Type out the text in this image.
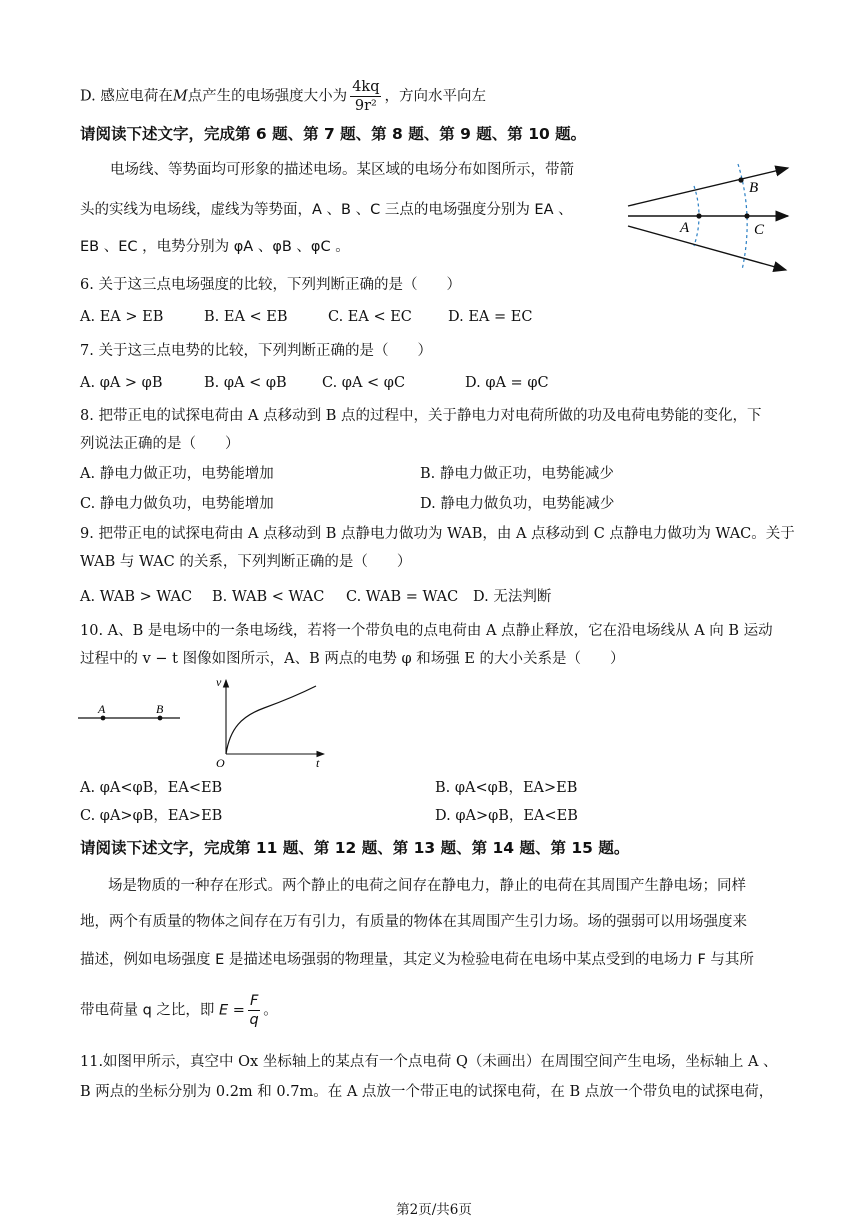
D. 感应电荷在M点产生的电场强度大小为 $\frac{4kq}{\text{9r²}}$ ，方向水平向左
请阅读下述文字，完成第 6 题、第 7 题、第 8 题、第 9 题、第 10 题。
电场线、等势面均可形象的描述电场。某区域的电场分布如图所示，带箭
头的实线为电场线，虚线为等势面，A 、B 、C 三点的电场强度分别为 EA 、
EB 、EC ，电势分别为 φA 、φB 、φC 。
A
B
C
6. 关于这三点电场强度的比较，下列判断正确的是（　　）
A. EA > EB	B. EA < EB	C. EA < EC D. EA = EC
7. 关于这三点电势的比较，下列判断正确的是（　　）
A. φA > φB	B. φA < φB C. φA < φC	D. φA = φC
8. 把带正电的试探电荷由 A 点移动到 B 点的过程中，关于静电力对电荷所做的功及电荷电势能的变化，下
列说法正确的是（　　）
A. 静电力做正功，电势能增加	B. 静电力做正功，电势能减少
C. 静电力做负功，电势能增加	D. 静电力做负功，电势能减少
9. 把带正电的试探电荷由 A 点移动到 B 点静电力做功为 WAB，由 A 点移动到 C 点静电力做功为 WAC。关于
WAB 与 WAC 的关系，下列判断正确的是（　　）
A. WAB > WAC B. WAB < WAC C. WAB = WAC D. 无法判断
10. A、B 是电场中的一条电场线，若将一个带负电的点电荷由 A 点静止释放，它在沿电场线从 A 向 B 运动
过程中的 v − t 图像如图所示，A、B 两点的电势 φ 和场强 E 的大小关系是（　　）
A	B
v
t
O
A. φA<φB，EA<EB	B. φA<φB，EA>EB
C. φA>φB，EA>EB	D. φA>φB，EA<EB
请阅读下述文字，完成第 11 题、第 12 题、第 13 题、第 14 题、第 15 题。
场是物质的一种存在形式。两个静止的电荷之间存在静电力，静止的电荷在其周围产生静电场；同样
地，两个有质量的物体之间存在万有引力，有质量的物体在其周围产生引力场。场的强弱可以用场强度来
描述，例如电场强度 E 是描述电场强弱的物理量，其定义为检验电荷在电场中某点受到的电场力 F 与其所
带电荷量 q 之比，即 $E = \frac{F}{q}$ 。
11.如图甲所示，真空中 Ox 坐标轴上的某点有一个点电荷 Q（未画出）在周围空间产生电场，坐标轴上 A 、
B 两点的坐标分别为 0.2m 和 0.7m。在 A 点放一个带正电的试探电荷，在 B 点放一个带负电的试探电荷，
第2页/共6页
